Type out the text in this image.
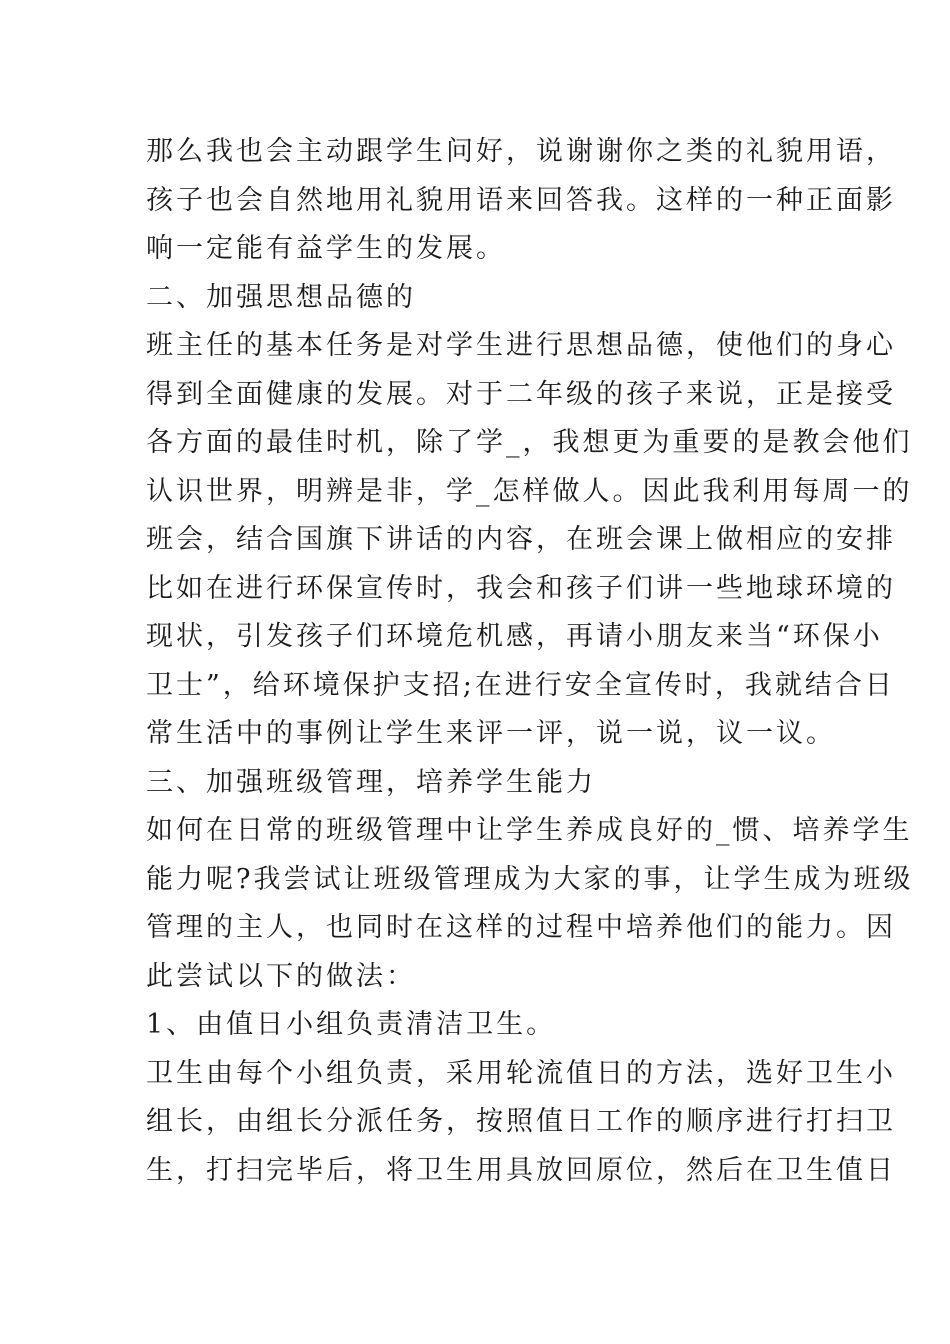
那么我也会主动跟学生问好，说谢谢你之类的礼貌用语，
孩子也会自然地用礼貌用语来回答我。这样的一种正面影
响一定能有益学生的发展。
二、加强思想品德的
班主任的基本任务是对学生进行思想品德，使他们的身心
得到全面健康的发展。对于二年级的孩子来说，正是接受
各方面的最佳时机，除了学_，我想更为重要的是教会他们
认识世界，明辨是非，学_怎样做人。因此我利用每周一的
班会，结合国旗下讲话的内容，在班会课上做相应的安排
比如在进行环保宣传时，我会和孩子们讲一些地球环境的
现状，引发孩子们环境危机感，再请小朋友来当“环保小
卫士”，给环境保护支招;在进行安全宣传时，我就结合日
常生活中的事例让学生来评一评，说一说，议一议。
三、加强班级管理，培养学生能力
如何在日常的班级管理中让学生养成良好的_惯、培养学生
能力呢?我尝试让班级管理成为大家的事，让学生成为班级
管理的主人，也同时在这样的过程中培养他们的能力。因
此尝试以下的做法：
1、由值日小组负责清洁卫生。
卫生由每个小组负责，采用轮流值日的方法，选好卫生小
组长，由组长分派任务，按照值日工作的顺序进行打扫卫
生，打扫完毕后，将卫生用具放回原位，然后在卫生值日
